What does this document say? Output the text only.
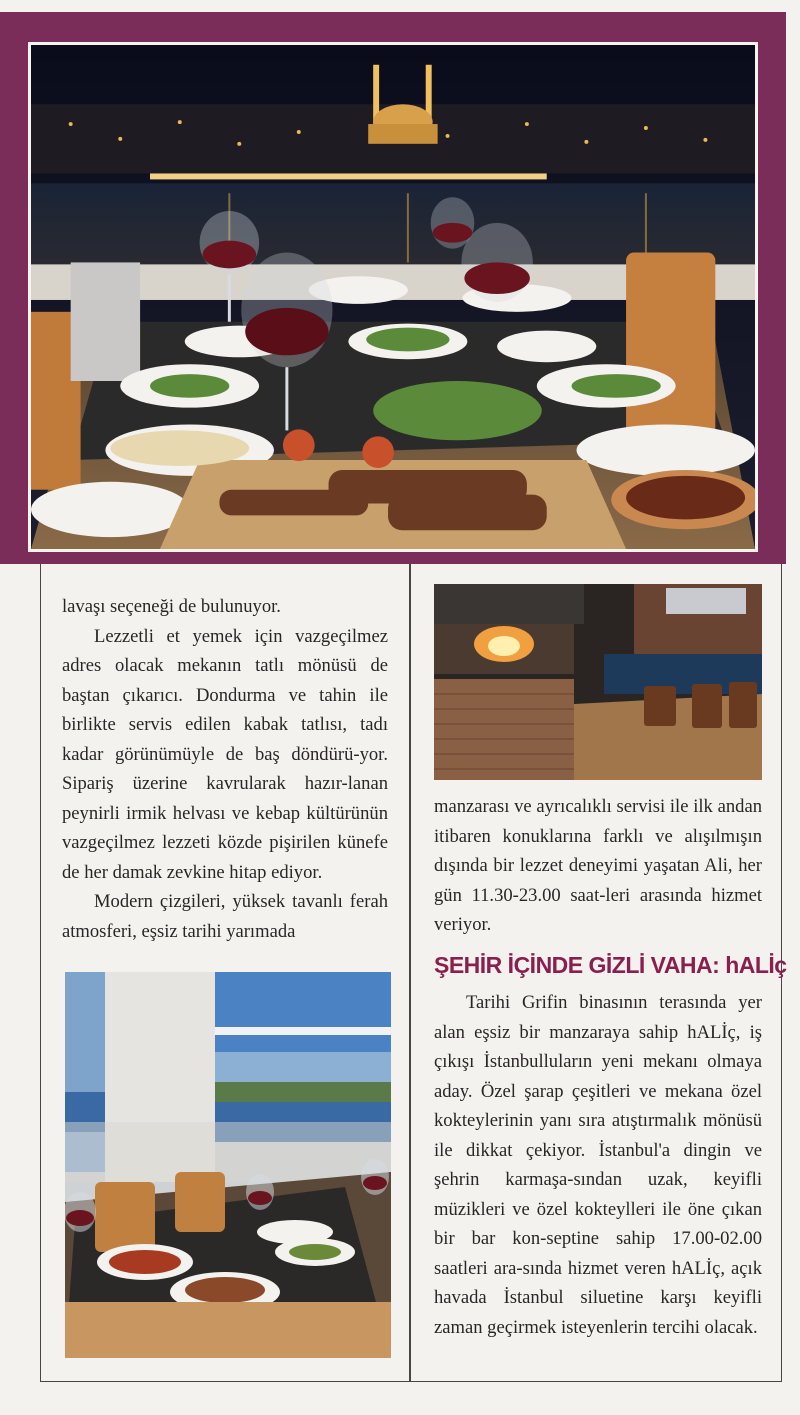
lavaşı seçeneği de bulunuyor.

Lezzetli et yemek için vazgeçilmez adres olacak mekanın tatlı mönüsü de baştan çıkarıcı. Dondurma ve tahin ile birlikte servis edilen kabak tatlısı, tadı kadar görünümüyle de baş döndürü-yor. Sipariş üzerine kavrularak hazır-lanan peynirli irmik helvası ve kebap kültürünün vazgeçilmez lezzeti közde pişirilen künefe de her damak zevkine hitap ediyor.

Modern çizgileri, yüksek tavanlı ferah atmosferi, eşsiz tarihi yarımada

manzarası ve ayrıcalıklı servisi ile ilk andan itibaren konuklarına farklı ve alışılmışın dışında bir lezzet deneyimi yaşatan Ali, her gün 11.30-23.00 saat-leri arasında hizmet veriyor.

ŞEHİR İÇİNDE GİZLİ VAHA: hALİç

Tarihi Grifin binasının terasında yer alan eşsiz bir manzaraya sahip hALİç, iş çıkışı İstanbulluların yeni mekanı olmaya aday. Özel şarap çeşitleri ve mekana özel kokteylerinin yanı sıra atıştırmalık mönüsü ile dikkat çekiyor. İstanbul'a dingin ve şehrin karmaşa-sından uzak, keyifli müzikleri ve özel kokteylleri ile öne çıkan bir bar kon-septine sahip 17.00-02.00 saatleri ara-sında hizmet veren hALİç, açık havada İstanbul siluetine karşı keyifli zaman geçirmek isteyenlerin tercihi olacak.
